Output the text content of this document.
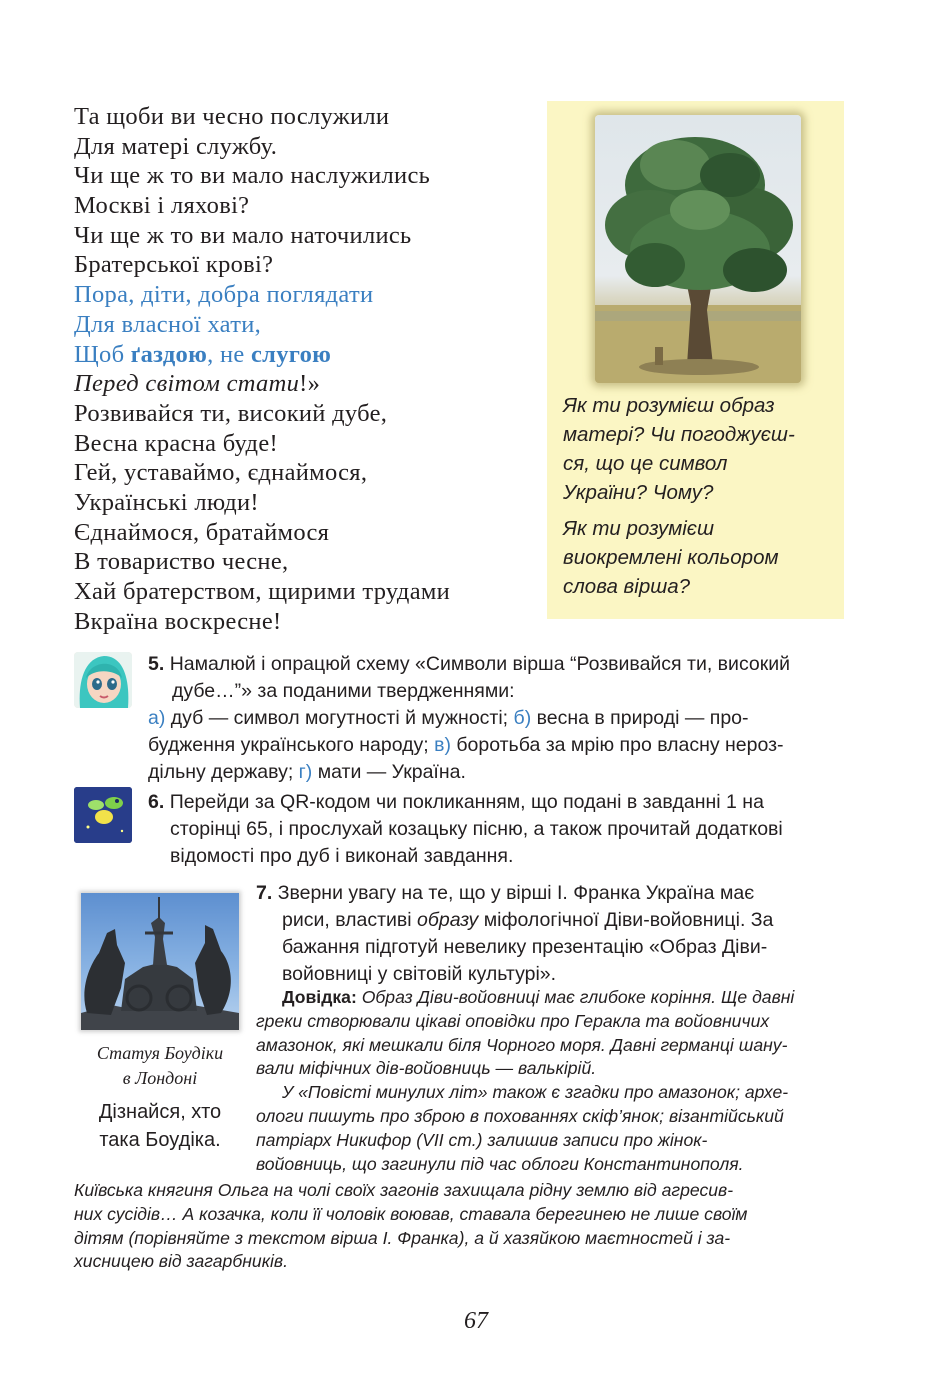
Та щоби ви чесно послужили
Для матері службу.
Чи ще ж то ви мало наслужились
Москві і ляхові?
Чи ще ж то ви мало наточились
Братерської крові?
Пора, діти, добра поглядати
Для власної хати,
Щоб ґаздою, не слугою
Перед світом стати!»
Розвивайся ти, високий дубе,
Весна красна буде!
Гей, уставаймо, єднаймося,
Українські люди!
Єднаймося, братаймося
В товариство чесне,
Хай братерством, щирими трудами
Вкраїна воскресне!
Як ти розумієш образ
матері? Чи погоджуєш-
ся, що це символ
України? Чому?
Як ти розумієш
виокремлені кольором
слова вірша?
5. Намалюй і опрацюй схему «Символи вірша “Розвивайся ти, високий
дубе…”» за поданими твердженнями:
а) дуб — символ могутності й мужності; б) весна в природі — про-
будження українського народу; в) боротьба за мрію про власну нероз-
дільну державу; г) мати — Україна.
6. Перейди за QR-кодом чи покликанням, що подані в завданні 1 на
сторінці 65, і прослухай козацьку пісню, а також прочитай додаткові
відомості про дуб і виконай завдання.
Статуя Боудіки
в Лондоні
Дізнайся, хто
така Боудіка.
7. Зверни увагу на те, що у вірші І. Франка Україна має
риси, властиві образу міфологічної Діви-войовниці. За
бажання підготуй невелику презентацію «Образ Діви-
войовниці у світовій культурі».
Довідка: Образ Діви-войовниці має глибоке коріння. Ще давні
греки створювали цікаві оповідки про Геракла та войовничих
амазонок, які мешкали біля Чорного моря. Давні германці шану-
вали міфічних дів-войовниць — валькірій.
У «Повісті минулих літ» також є згадки про амазонок; архе-
ологи пишуть про зброю в похованнях скіф’янок; візантійський
патріарх Никифор (VII ст.) залишив записи про жінок-
войовниць, що загинули під час облоги Константинополя.
Київська княгиня Ольга на чолі своїх загонів захищала рідну землю від агресив-
них сусідів… А козачка, коли її чоловік воював, ставала берегинею не лише своїм
дітям (порівняйте з текстом вірша І. Франка), а й хазяйкою маєтностей і за-
хисницею від загарбників.
67
